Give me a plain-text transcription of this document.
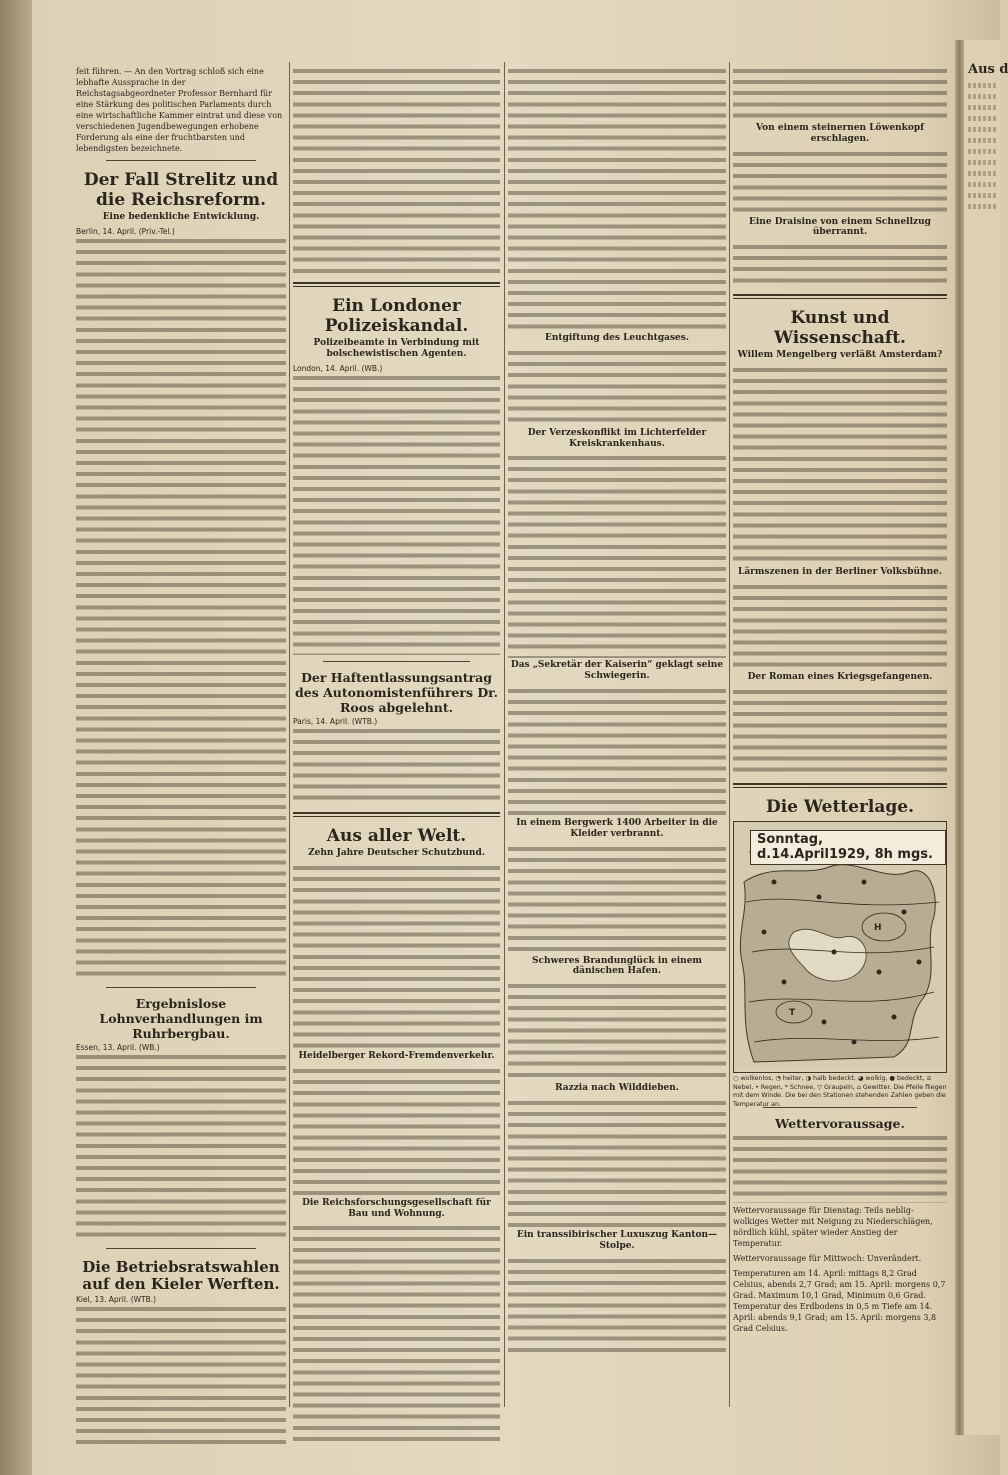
Aus d
feit führen. — An den Vortrag schloß sich eine lebhafte Aussprache in der Reichstagsabgeordneter Professor Bernhard für eine Stärkung des politischen Parlaments durch eine wirtschaftliche Kammer eintrat und diese von verschiedenen Jugendbewegungen erhobene Forderung als eine der fruchtbarsten und lebendigsten bezeichnete.
Der Fall Strelitz und die Reichsreform.
Eine bedenkliche Entwicklung.
Berlin, 14. April. (Priv.-Tel.)
Ergebnislose Lohnverhandlungen im Ruhrbergbau.
Essen, 13. April. (WB.)
Die Betriebsratswahlen auf den Kieler Werften.
Kiel, 13. April. (WTB.)
Ein Londoner Polizeiskandal.
Polizeibeamte in Verbindung mit bolschewistischen Agenten.
London, 14. April. (WB.)
Der Haftentlassungsantrag des Autonomistenführers Dr. Roos abgelehnt.
Paris, 14. April. (WTB.)
Aus aller Welt.
Zehn Jahre Deutscher Schutzbund.
Heidelberger Rekord-Fremdenverkehr.
Die Reichsforschungsgesellschaft für Bau und Wohnung.
Entgiftung des Leuchtgases.
Der Verzeskonflikt im Lichterfelder Kreiskrankenhaus.
Das „Sekretär der Kaiserin“ geklagt seine Schwiegerin.
In einem Bergwerk 1400 Arbeiter in die Kleider verbrannt.
Schweres Brandunglück in einem dänischen Hafen.
Razzia nach Wilddieben.
Ein transsibirischer Luxuszug Kanton—Stolpe.
Von einem steinernen Löwenkopf erschlagen.
Eine Draisine von einem Schnellzug überrannt.
Kunst und Wissenschaft.
Willem Mengelberg verläßt Amsterdam?
Lärmszenen in der Berliner Volksbühne.
Der Roman eines Kriegsgefangenen.
Die Wetterlage.
H
T
Sonntag, d.14.April1929, 8h mgs.
○ wolkenlos, ◔ heiter, ◑ halb bedeckt, ◕ wolkig, ● bedeckt, ≡ Nebel, • Regen, * Schnee, ▽ Graupeln, ⌂ Gewitter. Die Pfeile fliegen mit dem Winde. Die bei den Stationen stehenden Zahlen geben die Temperatur an.
Wettervoraussage.
Wettervoraussage für Dienstag: Teils neblig-wolkiges Wetter mit Neigung zu Niederschlägen, nördlich kühl, später wieder Anstieg der Temperatur.
Wettervoraussage für Mittwoch: Unverändert.
Temperaturen am 14. April: mittags 8,2 Grad Celsius, abends 2,7 Grad; am 15. April: morgens 0,7 Grad. Maximum 10,1 Grad, Minimum 0,6 Grad. Temperatur des Erdbodens in 0,5 m Tiefe am 14. April: abends 9,1 Grad; am 15. April: morgens 3,8 Grad Celsius.
